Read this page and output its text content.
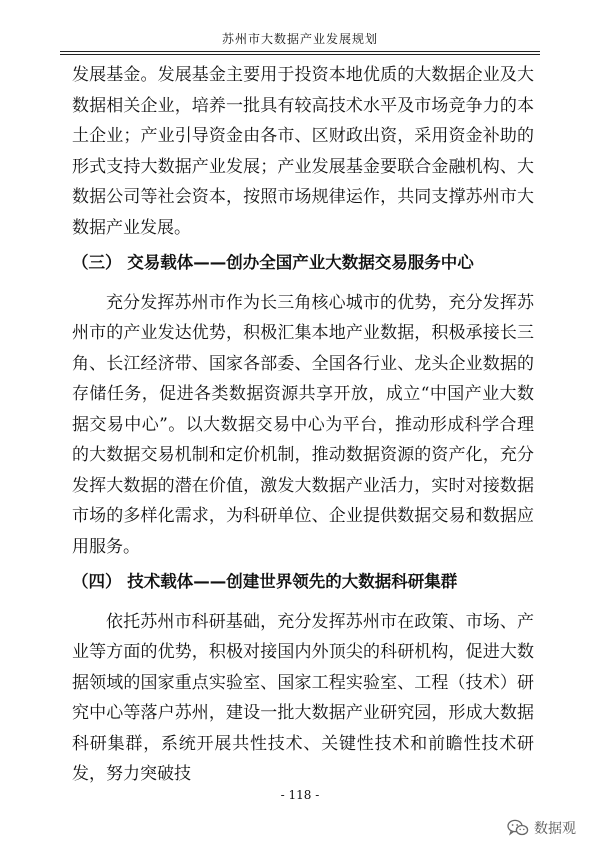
苏州市大数据产业发展规划

发展基金。发展基金主要用于投资本地优质的大数据企业及大数据相关企业，培养一批具有较高技术水平及市场竞争力的本土企业；产业引导资金由各市、区财政出资，采用资金补助的形式支持大数据产业发展；产业发展基金要联合金融机构、大数据公司等社会资本，按照市场规律运作，共同支撑苏州市大数据产业发展。

（三） 交易载体——创办全国产业大数据交易服务中心

充分发挥苏州市作为长三角核心城市的优势，充分发挥苏州市的产业发达优势，积极汇集本地产业数据，积极承接长三角、长江经济带、国家各部委、全国各行业、龙头企业数据的存储任务，促进各类数据资源共享开放，成立“中国产业大数据交易中心”。以大数据交易中心为平台，推动形成科学合理的大数据交易机制和定价机制，推动数据资源的资产化，充分发挥大数据的潜在价值，激发大数据产业活力，实时对接数据市场的多样化需求，为科研单位、企业提供数据交易和数据应用服务。

（四） 技术载体——创建世界领先的大数据科研集群

依托苏州市科研基础，充分发挥苏州市在政策、市场、产业等方面的优势，积极对接国内外顶尖的科研机构，促进大数据领域的国家重点实验室、国家工程实验室、工程（技术）研究中心等落户苏州，建设一批大数据产业研究园，形成大数据科研集群，系统开展共性技术、关键性技术和前瞻性技术研发，努力突破技

- 118 -
数据观
